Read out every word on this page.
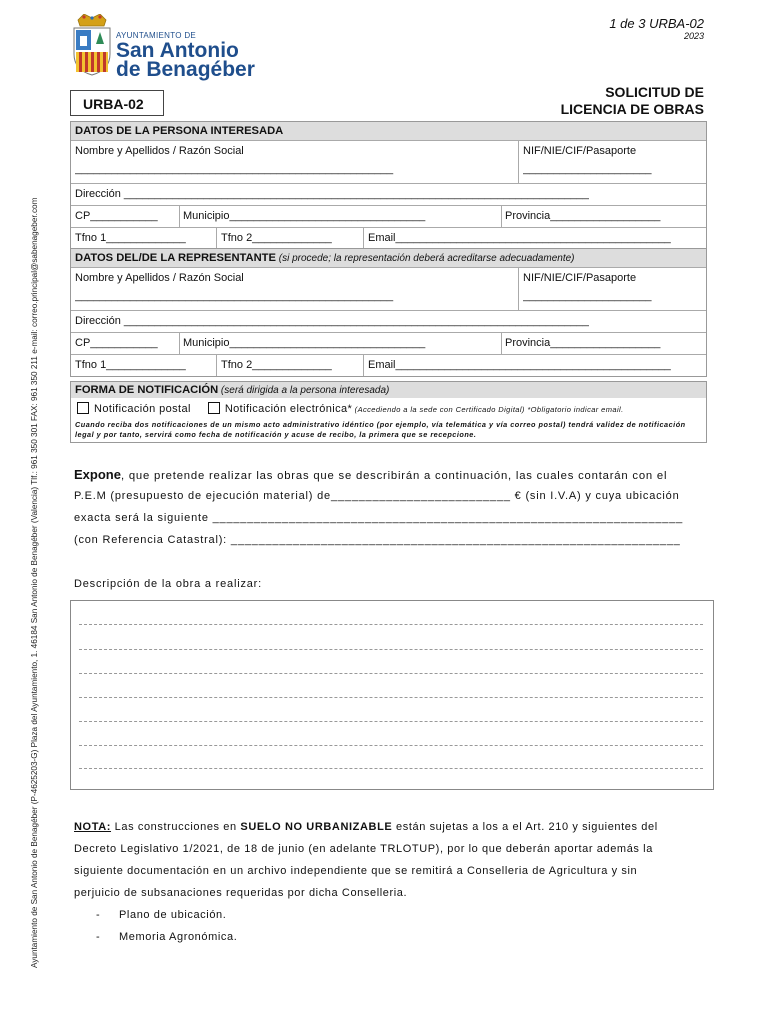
Ayuntamiento de San Antonio de Benagéber (P-4625203-G) Plaza del Ayuntamiento, 1. 46184 San Antonio de Benagéber (Valencia) Tlf.: 961 350 301 FAX: 961 350 211 e-mail: correo.principal@sabenageber.com
AYUNTAMIENTO DE
San Antonio
de Benagéber
1 de 3 URBA-02
2023
SOLICITUD DE
LICENCIA DE OBRAS
URBA-02
DATOS DE LA PERSONA INTERESADA
Nombre y Apellidos / Razón Social	NIF/NIE/CIF/Pasaporte
____________________________________________________	_____________________
Dirección ____________________________________________________________________________
CP___________	Municipio________________________________	Provincia__________________
Tfno 1_____________	Tfno 2_____________	Email_____________________________________________
DATOS DEL/DE LA REPRESENTANTE (si procede; la representación deberá acreditarse adecuadamente)
Nombre y Apellidos / Razón Social	NIF/NIE/CIF/Pasaporte
____________________________________________________	_____________________
Dirección ____________________________________________________________________________
CP___________	Municipio________________________________	Provincia__________________
Tfno 1_____________	Tfno 2_____________	Email_____________________________________________
FORMA DE NOTIFICACIÓN (será dirigida a la persona interesada)
Notificación postal	Notificación electrónica* (Accediendo a la sede con Certificado Digital) *Obligatorio indicar email.
Cuando reciba dos notificaciones de un mismo acto administrativo idéntico (por ejemplo, vía telemática y vía correo postal) tendrá validez de notificación legal y por tanto, servirá como fecha de notificación y acuse de recibo, la primera que se recepcione.
Expone, que pretende realizar las obras que se describirán a continuación, las cuales contarán con el
P.E.M (presupuesto de ejecución material) de__________________________ € (sin I.V.A) y cuya ubicación
exacta será la siguiente ____________________________________________________________________
(con Referencia Catastral): _________________________________________________________________
Descripción de la obra a realizar:
NOTA: Las construcciones en SUELO NO URBANIZABLE están sujetas a los a el Art. 210 y siguientes del
Decreto Legislativo 1/2021, de 18 de junio (en adelante TRLOTUP), por lo que deberán aportar además la
siguiente documentación en un archivo independiente que se remitirá a Conselleria de Agricultura y sin
perjuicio de subsanaciones requeridas por dicha Conselleria.
- Plano de ubicación.
- Memoria Agronómica.
